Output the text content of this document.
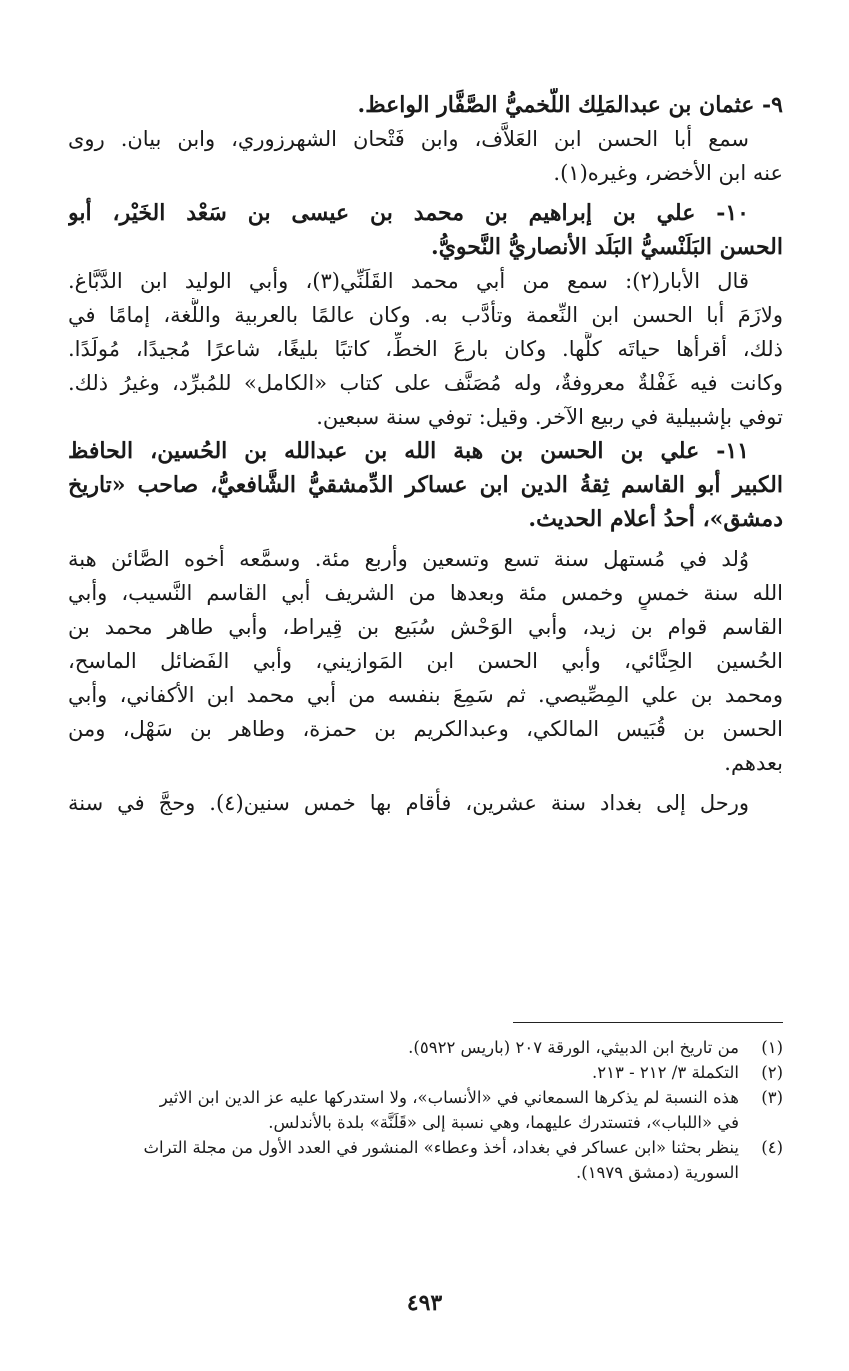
٩- عثمان بن عبدالمَلِك اللَّخميُّ الصَّفَّار الواعظ.
سمع أبا الحسن ابن العَلاَّف، وابن فَتْحان الشهرزوري، وابن بيان. روى
عنه ابن الأخضر، وغيره(١).
١٠- علي بن إبراهيم بن محمد بن عيسى بن سَعْد الخَيْر، أبو
الحسن البَلَنْسيُّ البَلَد الأنصاريُّ النَّحويُّ.
قال الأبار(٢): سمع من أبي محمد القَلَنِّي(٣)، وأبي الوليد ابن الدَّبَّاغ.
ولازَمَ أبا الحسن ابن النِّعمة وتأدَّب به. وكان عالمًا بالعربية واللُّغة، إمامًا في
ذلك، أقرأها حياتَه كلَّها. وكان بارعَ الخطِّ، كاتبًا بليغًا، شاعرًا مُجيدًا، مُولَدًا.
وكانت فيه غَفْلةٌ معروفةٌ، وله مُصَنَّف على كتاب «الكامل» للمُبرِّد، وغيرُ ذلك.
توفي بإشبيلية في ربيع الآخر. وقيل: توفي سنة سبعين.
١١- علي بن الحسن بن هبة الله بن عبدالله بن الحُسين، الحافظ
الكبير أبو القاسم ثِقةُ الدين ابن عساكر الدِّمشقيُّ الشَّافعيُّ، صاحب «تاريخ
دمشق»، أحدُ أعلام الحديث.
وُلد في مُستهل سنة تسع وتسعين وأربع مئة. وسمَّعه أخوه الصَّائن هبة
الله سنة خمسٍ وخمس مئة وبعدها من الشريف أبي القاسم النَّسيب، وأبي
القاسم قوام بن زيد، وأبي الوَحْش سُبَيع بن قِيراط، وأبي طاهر محمد بن
الحُسين الحِنَّائي، وأبي الحسن ابن المَوازيني، وأبي الفَضائل الماسح،
ومحمد بن علي المِصِّيصي. ثم سَمِعَ بنفسه من أبي محمد ابن الأكفاني، وأبي
الحسن بن قُبَيس المالكي، وعبدالكريم بن حمزة، وطاهر بن سَهْل، ومن
بعدهم.
ورحل إلى بغداد سنة عشرين، فأقام بها خمس سنين(٤). وحجَّ في سنة
(١)
من تاريخ ابن الدبيثي، الورقة ٢٠٧ (باريس ٥٩٢٢).
(٢)
التكملة ٣/ ٢١٢ - ٢١٣.
(٣)
هذه النسبة لم يذكرها السمعاني في «الأنساب»، ولا استدركها عليه عز الدين ابن الاثير
في «اللباب»، فتستدرك عليهما، وهي نسبة إلى «قَلَنَّة» بلدة بالأندلس.
(٤)
ينظر بحثنا «ابن عساكر في بغداد، أخذ وعطاء» المنشور في العدد الأول من مجلة التراث
السورية (دمشق ١٩٧٩).
٤٩٣
